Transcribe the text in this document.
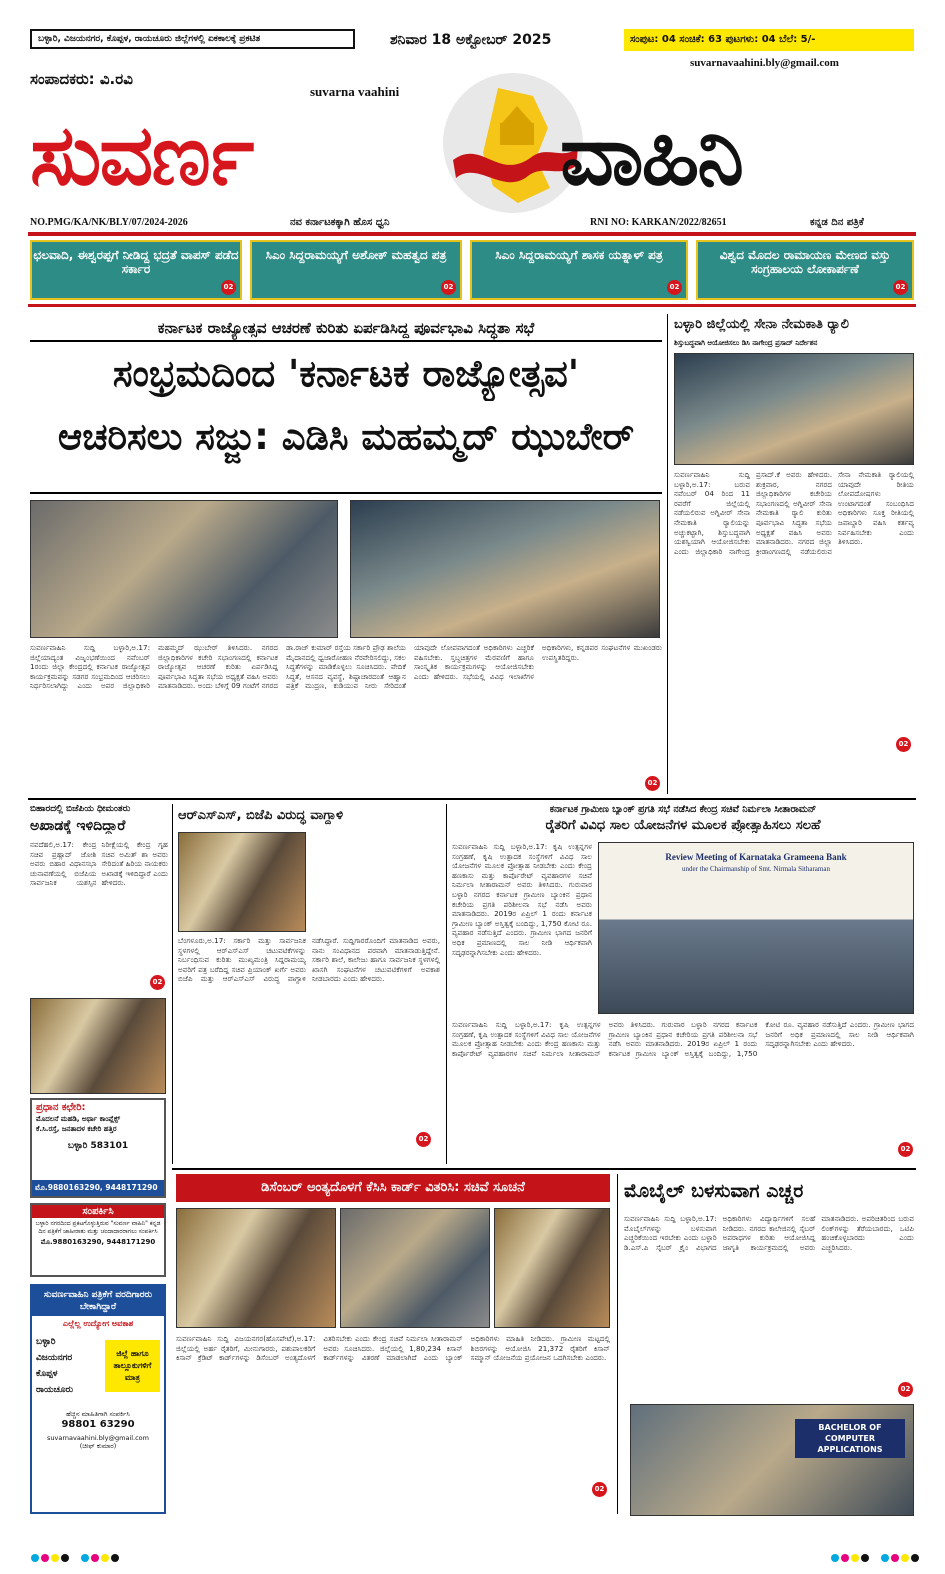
ಬಳ್ಳಾರಿ, ವಿಜಯನಗರ, ಕೊಪ್ಪಳ, ರಾಯಚೂರು ಜಿಲ್ಲೆಗಳಲ್ಲಿ ಏಕಕಾಲಕ್ಕೆ ಪ್ರಕಟಿತ	ಶನಿವಾರ 18 ಅಕ್ಟೋಬರ್ 2025	ಸಂಪುಟ: 04 ಸಂಚಿಕೆ: 63 ಪುಟಗಳು: 04 ಬೆಲೆ: 5/-
suvarnavaahini.bly@gmail.com
ಸಂಪಾದಕರು: ವಿ.ರವಿ
suvarna vaahini
ಸುವರ್ಣ	ವಾಹಿನಿ
NO.PMG/KA/NK/BLY/07/2024-2026	ನವ ಕರ್ನಾಟಕಕ್ಕಾಗಿ ಹೊಸ ಧ್ವನಿ	RNI NO: KARKAN/2022/82651	ಕನ್ನಡ ದಿನ ಪತ್ರಿಕೆ
ಛಲವಾದಿ, ಈಶ್ವರಪ್ಪಗೆ ನೀಡಿದ್ದ ಭದ್ರತೆ ವಾಪಸ್ ಪಡೆದ ಸರ್ಕಾರ
02
ಸಿಎಂ ಸಿದ್ದರಾಮಯ್ಯಗೆ ಅಶೋಕ್ ಮಹತ್ವದ ಪತ್ರ
02
ಸಿಎಂ ಸಿದ್ದರಾಮಯ್ಯಗೆ ಶಾಸಕ ಯತ್ನಾಳ್ ಪತ್ರ
02
ವಿಶ್ವದ ಮೊದಲ ರಾಮಾಯಣ ಮೇಣದ ವಸ್ತು ಸಂಗ್ರಹಾಲಯ ಲೋಕಾರ್ಪಣೆ
02
ಕರ್ನಾಟಕ ರಾಜ್ಯೋತ್ಸವ ಆಚರಣೆ ಕುರಿತು ಏರ್ಪಡಿಸಿದ್ದ ಪೂರ್ವಭಾವಿ ಸಿದ್ಧತಾ ಸಭೆ
ಸಂಭ್ರಮದಿಂದ 'ಕರ್ನಾಟಕ ರಾಜ್ಯೋತ್ಸವ'
ಆಚರಿಸಲು ಸಜ್ಜು: ಎಡಿಸಿ ಮಹಮ್ಮದ್ ಝುಬೇರ್
ಸುವರ್ಣವಾಹಿನಿ ಸುದ್ದಿ ಬಳ್ಳಾರಿ,ಅ.17: ಜಿಲ್ಲೆಯಾದ್ಯಂತ ವಿಜೃಂಭಣೆಯಿಂದ ನವೆಂಬರ್ 1ರಂದು ಜಿಲ್ಲಾ ಕೇಂದ್ರದಲ್ಲಿ ಕರ್ನಾಟಕ ರಾಜ್ಯೋತ್ಸವ ಕಾರ್ಯಕ್ರಮವನ್ನು ಸಡಗರ ಸಂಭ್ರಮದಿಂದ ಆಚರಿಸಲು ನಿರ್ಧರಿಸಲಾಗಿದ್ದು ಎಂದು ಅಪರ ಜಿಲ್ಲಾಧಿಕಾರಿ ಮಹಮ್ಮದ್ ಝುಬೇರ್ ತಿಳಿಸಿದರು. ನಗರದ ಜಿಲ್ಲಾಧಿಕಾರಿಗಳ ಕಚೇರಿ ಸಭಾಂಗಣದಲ್ಲಿ ಕರ್ನಾಟಕ ರಾಜ್ಯೋತ್ಸವ ಆಚರಣೆ ಕುರಿತು ಏರ್ಪಡಿಸಿದ್ದ ಪೂರ್ವಭಾವಿ ಸಿದ್ಧತಾ ಸಭೆಯ ಅಧ್ಯಕ್ಷತೆ ವಹಿಸಿ ಅವರು ಮಾತನಾಡಿದರು. ಅಂದು ಬೆಳಿಗ್ಗೆ 09 ಗಂಟೆಗೆ ನಗರದ ಡಾ.ರಾಜ್ ಕುಮಾರ್ ರಸ್ತೆಯ ಸರ್ಕಾರಿ ಪ್ರೌಢ ಶಾಲೆಯ ಮೈದಾನದಲ್ಲಿ ಧ್ವಜಾರೋಹಣ ನೆರವೇರಿಸಲಿದ್ದು, ಸಕಲ ಸಿದ್ಧತೆಗಳನ್ನು ಮಾಡಿಕೊಳ್ಳಲು ಸೂಚಿಸಿದರು. ವೇದಿಕೆ ಸಿದ್ಧತೆ, ಆಸನದ ವ್ಯವಸ್ಥೆ, ಶಿಷ್ಟಾಚಾರದಂತೆ ಆಹ್ವಾನ ಪತ್ರಿಕೆ ಮುದ್ರಣ, ಕುಡಿಯುವ ನೀರು ಸೇರಿದಂತೆ ಯಾವುದೇ ಲೋಪವಾಗದಂತೆ ಅಧಿಕಾರಿಗಳು ಎಚ್ಚರಿಕೆ ವಹಿಸಬೇಕು. ಸ್ತಬ್ಧಚಿತ್ರಗಳ ಮೆರವಣಿಗೆ ಹಾಗೂ ಸಾಂಸ್ಕೃತಿಕ ಕಾರ್ಯಕ್ರಮಗಳನ್ನು ಆಯೋಜಿಸಬೇಕು ಎಂದು ಹೇಳಿದರು. ಸಭೆಯಲ್ಲಿ ವಿವಿಧ ಇಲಾಖೆಗಳ ಅಧಿಕಾರಿಗಳು, ಕನ್ನಡಪರ ಸಂಘಟನೆಗಳ ಮುಖಂಡರು ಉಪಸ್ಥಿತರಿದ್ದರು.
02
ಬಳ್ಳಾರಿ ಜಿಲ್ಲೆಯಲ್ಲಿ ಸೇನಾ ನೇಮಕಾತಿ ರ್‍ಯಾಲಿ
ಶಿಸ್ತುಬದ್ಧವಾಗಿ ಆಯೋಜಿಸಲು ಡಿಸಿ ನಾಗೇಂದ್ರ ಪ್ರಸಾದ್ ನಿರ್ದೇಶನ
ಸುವರ್ಣವಾಹಿನಿ ಸುದ್ದಿ ಬಳ್ಳಾರಿ,ಅ.17: ಬರುವ ನವೆಂಬರ್ 04 ರಿಂದ 11 ರವರೆಗೆ ಜಿಲ್ಲೆಯಲ್ಲಿ ನಡೆಯಲಿರುವ ಅಗ್ನಿವೀರ್ ಸೇನಾ ನೇಮಕಾತಿ ರ್‍ಯಾಲಿಯನ್ನು ಅಚ್ಚುಕಟ್ಟಾಗಿ, ಶಿಸ್ತುಬದ್ಧವಾಗಿ ಯಶಸ್ವಿಯಾಗಿ ಆಯೋಜಿಸಬೇಕು ಎಂದು ಜಿಲ್ಲಾಧಿಕಾರಿ ನಾಗೇಂದ್ರ ಪ್ರಸಾದ್.ಕೆ ಅವರು ಹೇಳಿದರು. ಶುಕ್ರವಾರ, ನಗರದ ಜಿಲ್ಲಾಧಿಕಾರಿಗಳ ಕಚೇರಿಯ ಸಭಾಂಗಣದಲ್ಲಿ ಅಗ್ನಿವೀರ್ ಸೇನಾ ನೇಮಕಾತಿ ರ್‍ಯಾಲಿ ಕುರಿತು ಪೂರ್ವಭಾವಿ ಸಿದ್ಧತಾ ಸಭೆಯ ಅಧ್ಯಕ್ಷತೆ ವಹಿಸಿ ಅವರು ಮಾತನಾಡಿದರು. ನಗರದ ಜಿಲ್ಲಾ ಕ್ರೀಡಾಂಗಣದಲ್ಲಿ ನಡೆಯಲಿರುವ ಸೇನಾ ನೇಮಕಾತಿ ರ್‍ಯಾಲಿಯಲ್ಲಿ ಯಾವುದೇ ರೀತಿಯ ಲೋಪದೋಷಗಳು ಉಂಟಾಗದಂತೆ ಸಂಬಂಧಿಸಿದ ಅಧಿಕಾರಿಗಳು ಸೂಕ್ತ ರೀತಿಯಲ್ಲಿ ಜವಾಬ್ದಾರಿ ವಹಿಸಿ ಕರ್ತವ್ಯ ನಿರ್ವಹಿಸಬೇಕು ಎಂದು ತಿಳಿಸಿದರು.
02
ಬಿಹಾರದಲ್ಲಿ ಬಿಜೆಪಿಯ ಧೀಮಂತರು
ಅಖಾಡಕ್ಕೆ ಇಳಿದಿದ್ದಾರೆ
ನವದೆಹಲಿ,ಅ.17: ಕೇಂದ್ರ ಸಚಿವ ಪ್ರಹ್ಲಾದ್ ಜೋಶಿ ಅವರು ಬಿಹಾರ ವಿಧಾನಸಭಾ ಚುನಾವಣೆಯಲ್ಲಿ ಬಿಜೆಪಿಯ ಸಾರ್ವಜನಿಕ ಯಶಸ್ಸಿನ ನಿರೀಕ್ಷೆಯಲ್ಲಿ ಕೇಂದ್ರ ಗೃಹ ಸಚಿವ ಅಮಿತ್ ಶಾ ಅವರು ಸೇರಿದಂತೆ ಹಿರಿಯ ನಾಯಕರು ಅಖಾಡಕ್ಕೆ ಇಳಿದಿದ್ದಾರೆ ಎಂದು ಹೇಳಿದರು.
02
ಪ್ರಧಾನ ಕಛೇರಿ:
ಮೊದಲನೆ ಮಹಡಿ, ಅರ್ಥಾ ಕಾಂಪ್ಲೆಕ್ಸ್
ಕೆ.ಸಿ.ರಸ್ತೆ, ಜನತಾದಳ ಕಚೇರಿ ಹತ್ತಿರ
ಬಳ್ಳಾರಿ 583101
ಮೊ.9880163290, 9448171290
ಸಂಪರ್ಕಿಸಿ
ಬಳ್ಳಾರಿ ನಗರದಿಂದ ಪ್ರಕಟಗೊಳ್ಳುತ್ತಿರುವ "ಸುವರ್ಣ ವಾಹಿನಿ" ಕನ್ನಡ ದಿನ ಪತ್ರಿಕೆಗೆ ಜಾಹೀರಾತು ಮತ್ತು ಚಂದಾದಾರರಾಗಲು ಸಂಪರ್ಕಿಸಿ
ಮೊ.9880163290, 9448171290
ಸುವರ್ಣವಾಹಿನಿ ಪತ್ರಿಕೆಗೆ ವರದಿಗಾರರು ಬೇಕಾಗಿದ್ದಾರೆ
ಎಲ್ಲೆಲ್ಲ ಉದ್ಯೋಗ ಅವಕಾಶ
ಬಳ್ಳಾರಿ
ವಿಜಯನಗರ
ಕೊಪ್ಪಳ
ರಾಯಚೂರು
ಜಿಲ್ಲೆ ಹಾಗೂ ತಾಲ್ಲೂಕುಗಳಿಗೆ ಮಾತ್ರ
ಹೆಚ್ಚಿನ ಮಾಹಿತಿಗಾಗಿ ಸಂಪರ್ಕಿಸಿ
98801 63290
suvarnavaahini.bly@gmail.com
(ಚೀಫ್ ಕುಮಾರ)
ಆರ್‌ಎಸ್‌ಎಸ್, ಬಿಜೆಪಿ ವಿರುದ್ಧ ವಾಗ್ದಾಳಿ
ಬೆಂಗಳೂರು,ಅ.17: ಸರ್ಕಾರಿ ಮತ್ತು ಸಾರ್ವಜನಿಕ ಸ್ಥಳಗಳಲ್ಲಿ ಆರ್‌ಎಸ್‌ಎಸ್ ಚಟುವಟಿಕೆಗಳನ್ನು ನಿರ್ಬಂಧಿಸುವ ಕುರಿತು ಮುಖ್ಯಮಂತ್ರಿ ಸಿದ್ದರಾಮಯ್ಯ ಅವರಿಗೆ ಪತ್ರ ಬರೆದಿದ್ದ ಸಚಿವ ಪ್ರಿಯಾಂಕ್ ಖರ್ಗೆ ಅವರು ಬಿಜೆಪಿ ಮತ್ತು ಆರ್‌ಎಸ್‌ಎಸ್ ವಿರುದ್ಧ ವಾಗ್ದಾಳಿ ನಡೆಸಿದ್ದಾರೆ. ಸುದ್ದಿಗಾರರೊಂದಿಗೆ ಮಾತನಾಡಿದ ಅವರು, ನಾನು ಸಂವಿಧಾನದ ಪರವಾಗಿ ಮಾತನಾಡುತ್ತಿದ್ದೇನೆ. ಸರ್ಕಾರಿ ಶಾಲೆ, ಕಾಲೇಜು ಹಾಗೂ ಸಾರ್ವಜನಿಕ ಸ್ಥಳಗಳಲ್ಲಿ ಖಾಸಗಿ ಸಂಘಟನೆಗಳ ಚಟುವಟಿಕೆಗಳಿಗೆ ಅವಕಾಶ ನೀಡಬಾರದು ಎಂದು ಹೇಳಿದರು.
02
ಕರ್ನಾಟಕ ಗ್ರಾಮೀಣ ಬ್ಯಾಂಕ್ ಪ್ರಗತಿ ಸಭೆ ನಡೆಸಿದ ಕೇಂದ್ರ ಸಚಿವೆ ನಿರ್ಮಲಾ ಸೀತಾರಾಮನ್
ರೈತರಿಗೆ ವಿವಿಧ ಸಾಲ ಯೋಜನೆಗಳ ಮೂಲಕ ಪ್ರೋತ್ಸಾಹಿಸಲು ಸಲಹೆ
Review Meeting of Karnataka Grameena Bank
under the Chairmanship of Smt. Nirmala Sitharaman
ಸುವರ್ಣವಾಹಿನಿ ಸುದ್ದಿ ಬಳ್ಳಾರಿ,ಅ.17: ಕೃಷಿ ಉತ್ಪನ್ನಗಳ ಸಂಗ್ರಹಣೆ, ಕೃಷಿ ಉತ್ಪಾದಕ ಸಂಸ್ಥೆಗಳಿಗೆ ವಿವಿಧ ಸಾಲ ಯೋಜನೆಗಳ ಮೂಲಕ ಪ್ರೋತ್ಸಾಹ ನೀಡಬೇಕು ಎಂದು ಕೇಂದ್ರ ಹಣಕಾಸು ಮತ್ತು ಕಾರ್ಪೊರೇಟ್ ವ್ಯವಹಾರಗಳ ಸಚಿವೆ ನಿರ್ಮಲಾ ಸೀತಾರಾಮನ್ ಅವರು ತಿಳಿಸಿದರು. ಗುರುವಾರ ಬಳ್ಳಾರಿ ನಗರದ ಕರ್ನಾಟಕ ಗ್ರಾಮೀಣ ಬ್ಯಾಂಕಿನ ಪ್ರಧಾನ ಕಚೇರಿಯ ಪ್ರಗತಿ ಪರಿಶೀಲನಾ ಸಭೆ ನಡೆಸಿ ಅವರು ಮಾತನಾಡಿದರು. 2019ರ ಏಪ್ರಿಲ್ 1 ರಂದು ಕರ್ನಾಟಕ ಗ್ರಾಮೀಣ ಬ್ಯಾಂಕ್ ಅಸ್ತಿತ್ವಕ್ಕೆ ಬಂದಿದ್ದು, 1,750 ಕೋಟಿ ರೂ. ವ್ಯವಹಾರ ನಡೆಸುತ್ತಿದೆ ಎಂದರು. ಗ್ರಾಮೀಣ ಭಾಗದ ಜನರಿಗೆ ಅಧಿಕ ಪ್ರಮಾಣದಲ್ಲಿ ಸಾಲ ನೀಡಿ ಆರ್ಥಿಕವಾಗಿ ಸದೃಢರನ್ನಾಗಿಸಬೇಕು ಎಂದು ಹೇಳಿದರು.
ಸುವರ್ಣವಾಹಿನಿ ಸುದ್ದಿ ಬಳ್ಳಾರಿ,ಅ.17: ಕೃಷಿ ಉತ್ಪನ್ನಗಳ ಸಂಗ್ರಹಣೆ, ಕೃಷಿ ಉತ್ಪಾದಕ ಸಂಸ್ಥೆಗಳಿಗೆ ವಿವಿಧ ಸಾಲ ಯೋಜನೆಗಳ ಮೂಲಕ ಪ್ರೋತ್ಸಾಹ ನೀಡಬೇಕು ಎಂದು ಕೇಂದ್ರ ಹಣಕಾಸು ಮತ್ತು ಕಾರ್ಪೊರೇಟ್ ವ್ಯವಹಾರಗಳ ಸಚಿವೆ ನಿರ್ಮಲಾ ಸೀತಾರಾಮನ್ ಅವರು ತಿಳಿಸಿದರು. ಗುರುವಾರ ಬಳ್ಳಾರಿ ನಗರದ ಕರ್ನಾಟಕ ಗ್ರಾಮೀಣ ಬ್ಯಾಂಕಿನ ಪ್ರಧಾನ ಕಚೇರಿಯ ಪ್ರಗತಿ ಪರಿಶೀಲನಾ ಸಭೆ ನಡೆಸಿ ಅವರು ಮಾತನಾಡಿದರು. 2019ರ ಏಪ್ರಿಲ್ 1 ರಂದು ಕರ್ನಾಟಕ ಗ್ರಾಮೀಣ ಬ್ಯಾಂಕ್ ಅಸ್ತಿತ್ವಕ್ಕೆ ಬಂದಿದ್ದು, 1,750 ಕೋಟಿ ರೂ. ವ್ಯವಹಾರ ನಡೆಸುತ್ತಿದೆ ಎಂದರು. ಗ್ರಾಮೀಣ ಭಾಗದ ಜನರಿಗೆ ಅಧಿಕ ಪ್ರಮಾಣದಲ್ಲಿ ಸಾಲ ನೀಡಿ ಆರ್ಥಿಕವಾಗಿ ಸದೃಢರನ್ನಾಗಿಸಬೇಕು ಎಂದು ಹೇಳಿದರು.
02
ಡಿಸೆಂಬರ್ ಅಂತ್ಯದೊಳಗೆ ಕೆಸಿಸಿ ಕಾರ್ಡ್ ವಿತರಿಸಿ: ಸಚಿವೆ ಸೂಚನೆ
ಸುವರ್ಣವಾಹಿನಿ ಸುದ್ದಿ ವಿಜಯನಗರ(ಹೊಸಪೇಟೆ),ಅ.17: ಜಿಲ್ಲೆಯಲ್ಲಿ ಅರ್ಹ ರೈತರಿಗೆ, ಮೀನುಗಾರರು, ಪಶುಪಾಲಕರಿಗೆ ಕಿಸಾನ್ ಕ್ರೆಡಿಟ್ ಕಾರ್ಡ್‌ಗಳನ್ನು ಡಿಸೆಂಬರ್ ಅಂತ್ಯದೊಳಗೆ ವಿತರಿಸಬೇಕು ಎಂದು ಕೇಂದ್ರ ಸಚಿವೆ ನಿರ್ಮಲಾ ಸೀತಾರಾಮನ್ ಅವರು ಸೂಚಿಸಿದರು. ಜಿಲ್ಲೆಯಲ್ಲಿ 1,80,234 ಕಿಸಾನ್ ಕಾರ್ಡ್‌ಗಳನ್ನು ವಿತರಣೆ ಮಾಡಲಾಗಿದೆ ಎಂದು ಬ್ಯಾಂಕ್ ಅಧಿಕಾರಿಗಳು ಮಾಹಿತಿ ನೀಡಿದರು. ಗ್ರಾಮೀಣ ಮಟ್ಟದಲ್ಲಿ ಶಿಬಿರಗಳನ್ನು ಆಯೋಜಿಸಿ 21,372 ರೈತರಿಗೆ ಕಿಸಾನ್ ಸಮ್ಮಾನ್ ಯೋಜನೆಯ ಪ್ರಯೋಜನ ಒದಗಿಸಬೇಕು ಎಂದರು.
02
ಮೊಬೈಲ್ ಬಳಸುವಾಗ ಎಚ್ಚರ
ಸುವರ್ಣವಾಹಿನಿ ಸುದ್ದಿ ಬಳ್ಳಾರಿ,ಅ.17: ಮೊಬೈಲ್‌ಗಳನ್ನು ಬಳಸುವಾಗ ಎಚ್ಚರಿಕೆಯಿಂದ ಇರಬೇಕು ಎಂದು ಬಳ್ಳಾರಿ ಡಿ.ಎಸ್.ಪಿ ಸೈಬರ್ ಕ್ರೈಂ ವಿಭಾಗದ ಅಧಿಕಾರಿಗಳು ವಿದ್ಯಾರ್ಥಿಗಳಿಗೆ ಸಲಹೆ ನೀಡಿದರು. ನಗರದ ಕಾಲೇಜಿನಲ್ಲಿ ಸೈಬರ್ ಅಪರಾಧಗಳ ಕುರಿತು ಆಯೋಜಿಸಿದ್ದ ಜಾಗೃತಿ ಕಾರ್ಯಕ್ರಮದಲ್ಲಿ ಅವರು ಮಾತನಾಡಿದರು. ಅಪರಿಚಿತರಿಂದ ಬರುವ ಲಿಂಕ್‌ಗಳನ್ನು ತೆರೆಯಬಾರದು, ಒಟಿಪಿ ಹಂಚಿಕೊಳ್ಳಬಾರದು ಎಂದು ಎಚ್ಚರಿಸಿದರು.
02
BACHELOR OF COMPUTER APPLICATIONS
